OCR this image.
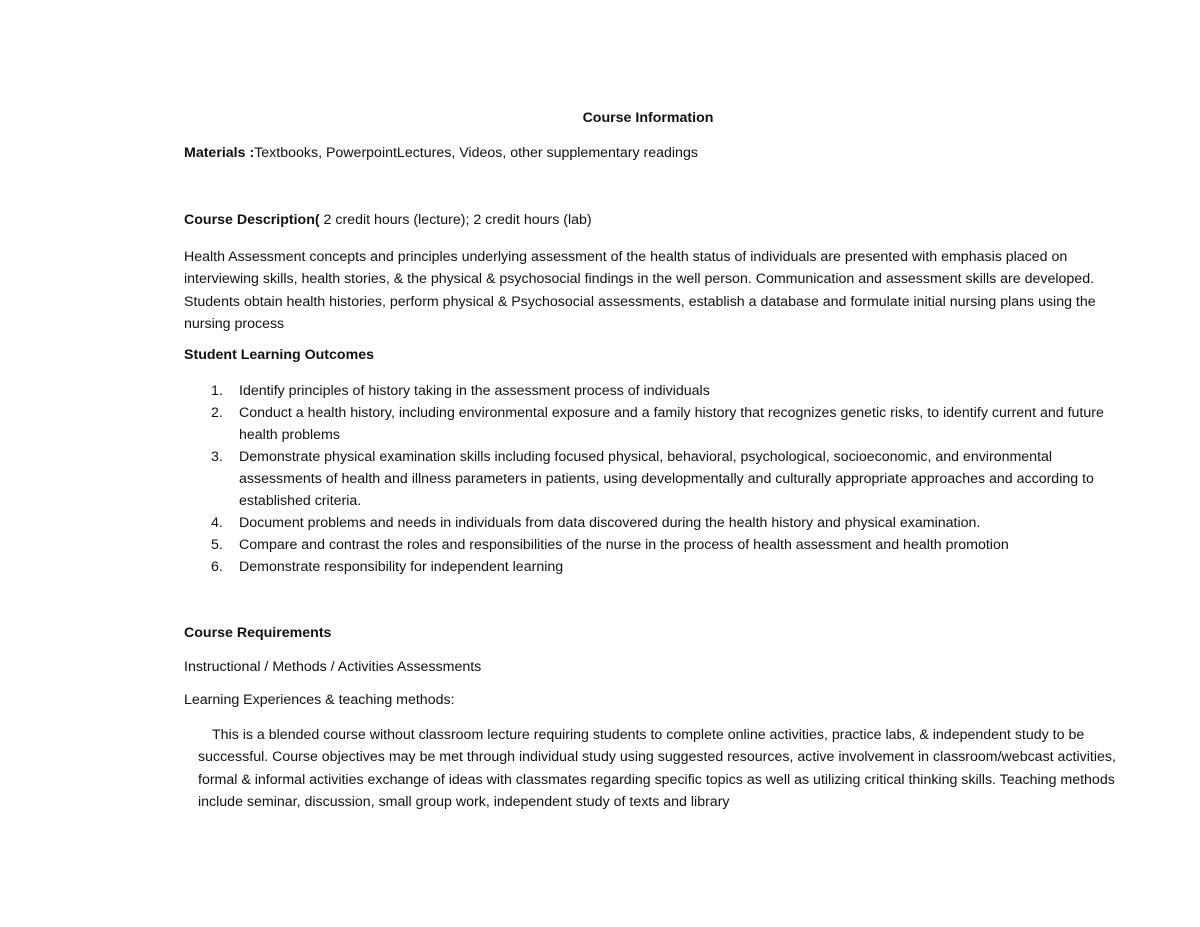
Course Information
Materials :Textbooks, PowerpointLectures, Videos, other supplementary readings
Course Description( 2 credit hours (lecture); 2 credit hours (lab)
Health Assessment concepts and principles underlying assessment of the health status of individuals are presented with emphasis placed on interviewing skills, health stories, & the physical & psychosocial findings in the well person. Communication and assessment skills are developed. Students obtain health histories, perform physical & Psychosocial assessments, establish a database and formulate initial nursing plans using the nursing process
Student Learning Outcomes
1. Identify principles of history taking in the assessment process of individuals
2. Conduct a health history, including environmental exposure and a family history that recognizes genetic risks, to identify current and future health problems
3. Demonstrate physical examination skills including focused physical, behavioral, psychological, socioeconomic, and environmental assessments of health and illness parameters in patients, using developmentally and culturally appropriate approaches and according to established criteria.
4. Document problems and needs in individuals from data discovered during the health history and physical examination.
5. Compare and contrast the roles and responsibilities of the nurse in the process of health assessment and health promotion
6. Demonstrate responsibility for independent learning
Course Requirements
Instructional / Methods / Activities Assessments
Learning Experiences & teaching methods:
This is a blended course without classroom lecture requiring students to complete online activities, practice labs, & independent study to be successful. Course objectives may be met through individual study using suggested resources, active involvement in classroom/webcast activities, formal & informal activities exchange of ideas with classmates regarding specific topics as well as utilizing critical thinking skills. Teaching methods include seminar, discussion, small group work, independent study of texts and library
